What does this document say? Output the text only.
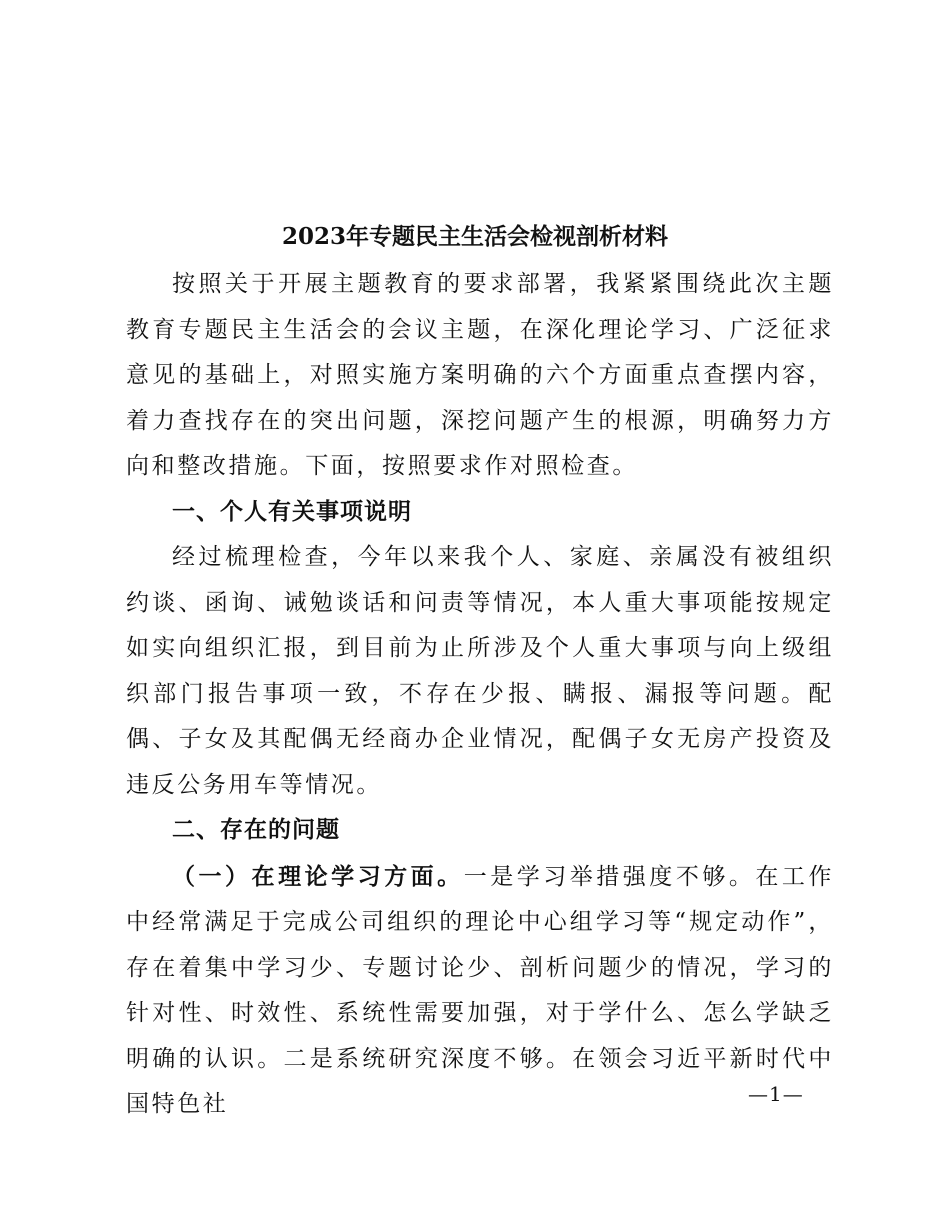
2023年专题民主生活会检视剖析材料

按照关于开展主题教育的要求部署，我紧紧围绕此次主题教育专题民主生活会的会议主题，在深化理论学习、广泛征求意见的基础上，对照实施方案明确的六个方面重点查摆内容，着力查找存在的突出问题，深挖问题产生的根源，明确努力方向和整改措施。下面，按照要求作对照检查。

一、个人有关事项说明

经过梳理检查，今年以来我个人、家庭、亲属没有被组织约谈、函询、诫勉谈话和问责等情况，本人重大事项能按规定如实向组织汇报，到目前为止所涉及个人重大事项与向上级组织部门报告事项一致，不存在少报、瞒报、漏报等问题。配偶、子女及其配偶无经商办企业情况，配偶子女无房产投资及违反公务用车等情况。

二、存在的问题

（一）在理论学习方面。一是学习举措强度不够。在工作中经常满足于完成公司组织的理论中心组学习等“规定动作”，存在着集中学习少、专题讨论少、剖析问题少的情况，学习的针对性、时效性、系统性需要加强，对于学什么、怎么学缺乏明确的认识。二是系统研究深度不够。在领会习近平新时代中国特色社	—1—
